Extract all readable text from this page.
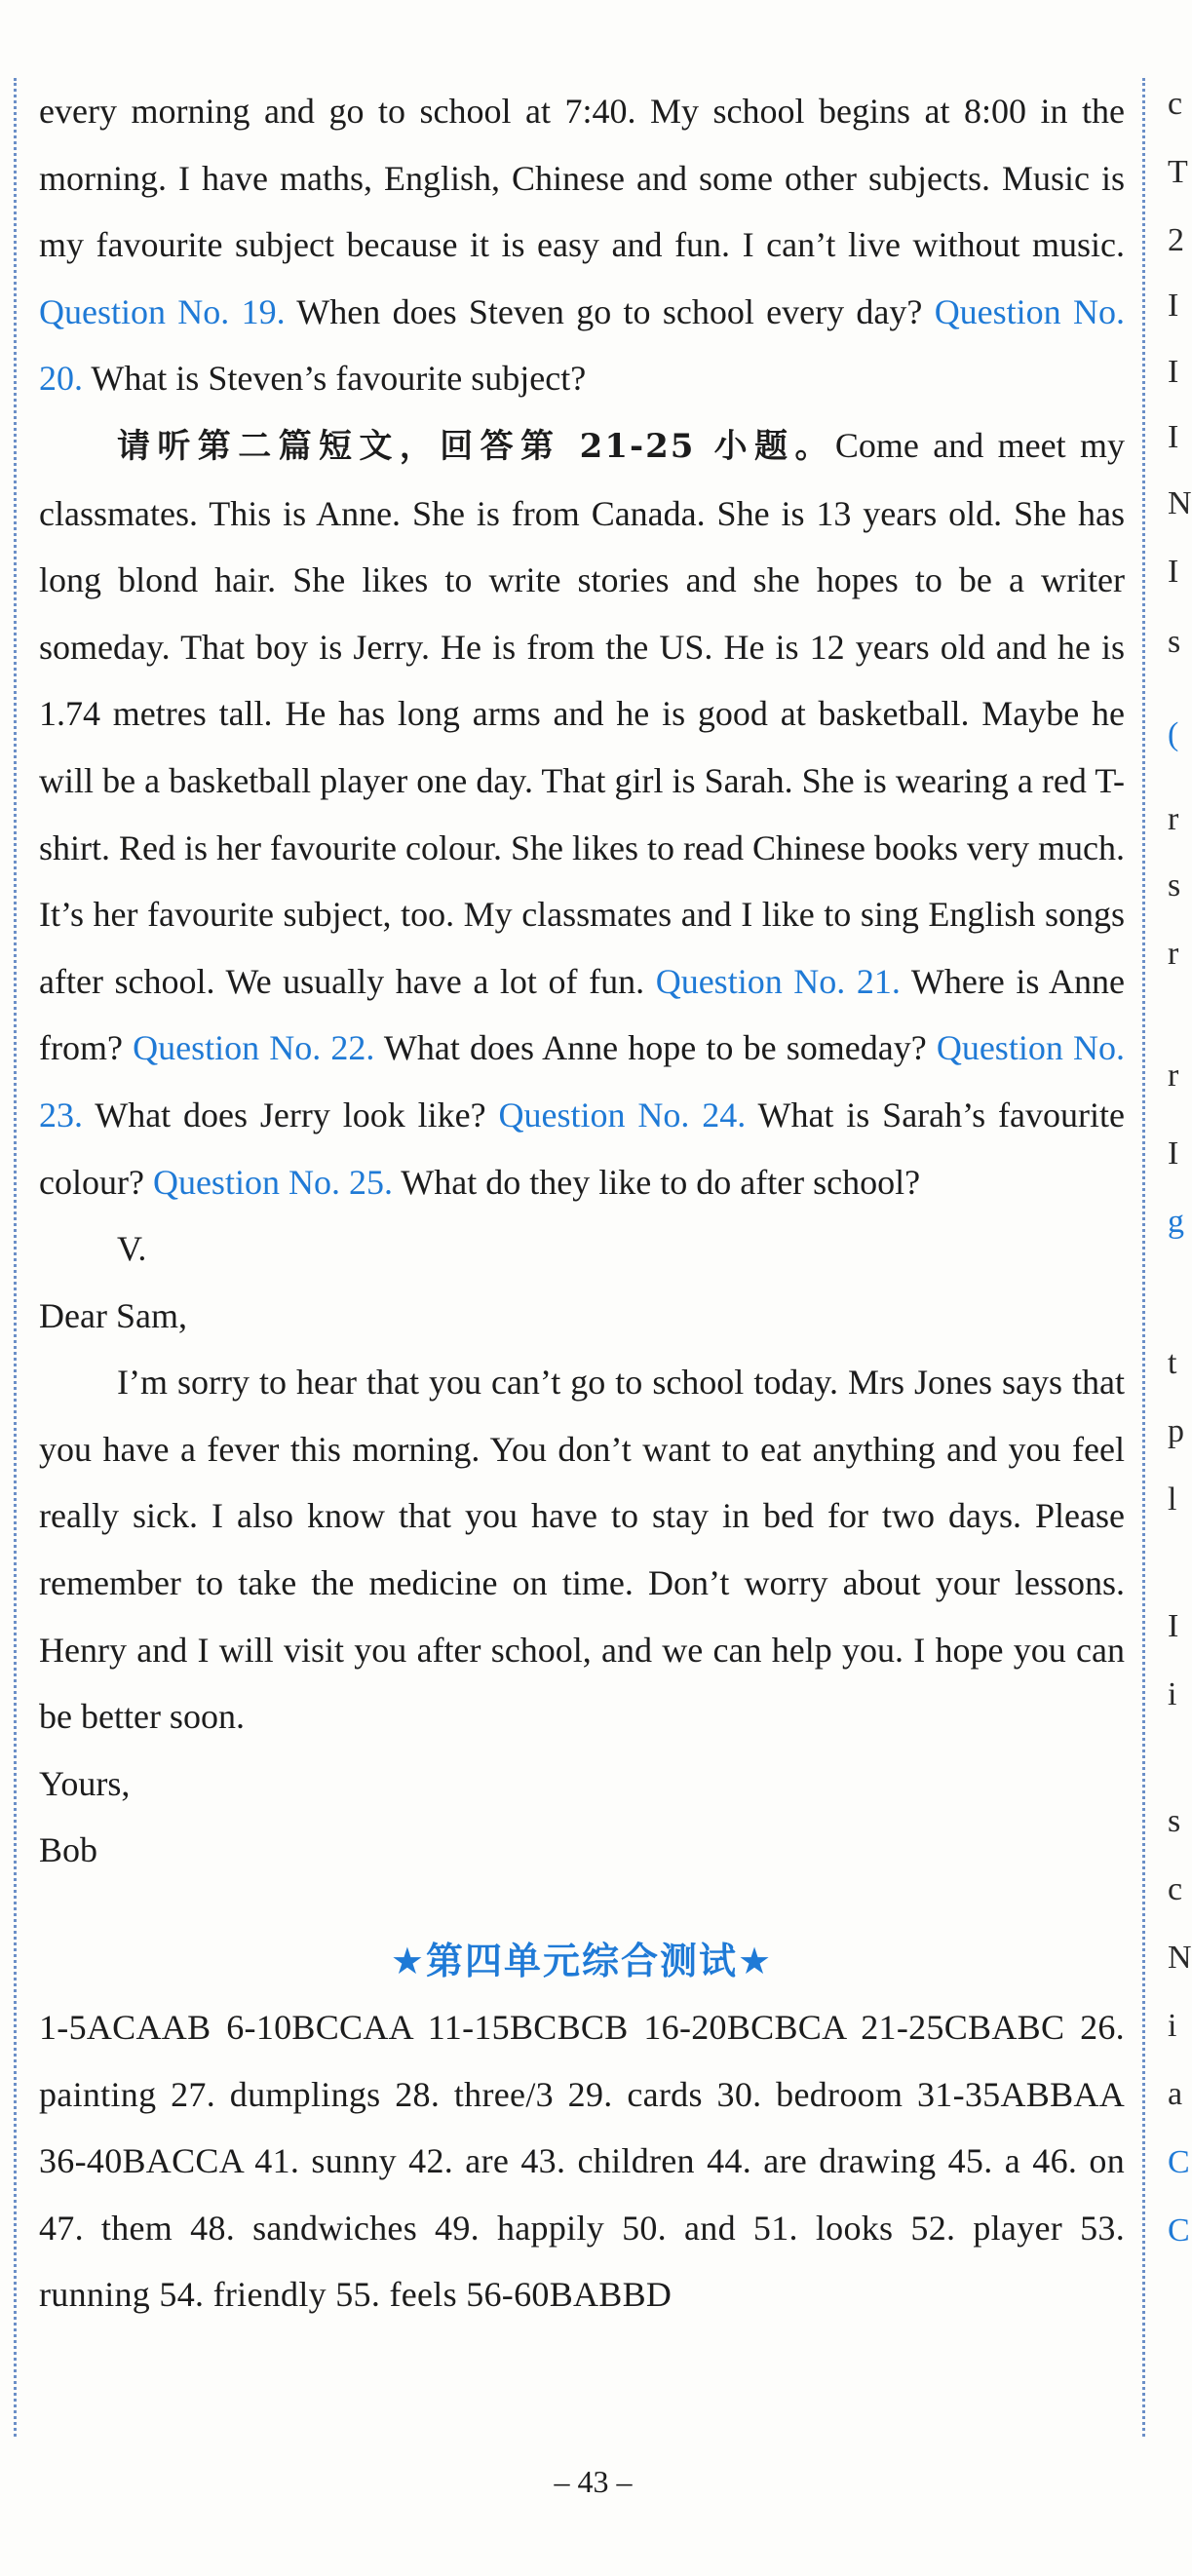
every morning and go to school at 7:40. My school begins at 8:00 in the morning. I have maths, English, Chinese and some other subjects. Music is my favourite subject because it is easy and fun. I can’t live without music. Question No. 19. When does Steven go to school every day? Question No. 20. What is Steven’s favourite subject?

请听第二篇短文，回答第 21-25 小题。Come and meet my classmates. This is Anne. She is from Canada. She is 13 years old. She has long blond hair. She likes to write stories and she hopes to be a writer someday. That boy is Jerry. He is from the US. He is 12 years old and he is 1.74 metres tall. He has long arms and he is good at basketball. Maybe he will be a basketball player one day. That girl is Sarah. She is wearing a red T-shirt. Red is her favourite colour. She likes to read Chinese books very much. It’s her favourite subject, too. My classmates and I like to sing English songs after school. We usually have a lot of fun. Question No. 21. Where is Anne from? Question No. 22. What does Anne hope to be someday? Question No. 23. What does Jerry look like? Question No. 24. What is Sarah’s favourite colour? Question No. 25. What do they like to do after school?

V.

Dear Sam,

I’m sorry to hear that you can’t go to school today. Mrs Jones says that you have a fever this morning. You don’t want to eat anything and you feel really sick. I also know that you have to stay in bed for two days. Please remember to take the medicine on time. Don’t worry about your lessons. Henry and I will visit you after school, and we can help you. I hope you can be better soon.

Yours,

Bob

★第四单元综合测试★

1-5ACAAB 6-10BCCAA 11-15BCBCB 16-20BCBCA 21-25CBABC 26. painting 27. dumplings 28. three/3 29. cards 30. bedroom 31-35ABBAA 36-40BACCA 41. sunny 42. are 43. children 44. are drawing 45. a 46. on 47. them 48. sandwiches 49. happily 50. and 51. looks 52. player 53. running 54. friendly 55. feels 56-60BABBD

c
T
2
I
I
I
N
I
s
(
r
s
r
r
I
g
t
p
l
I
i
s
c
N
i
a
C
C
– 43 –
